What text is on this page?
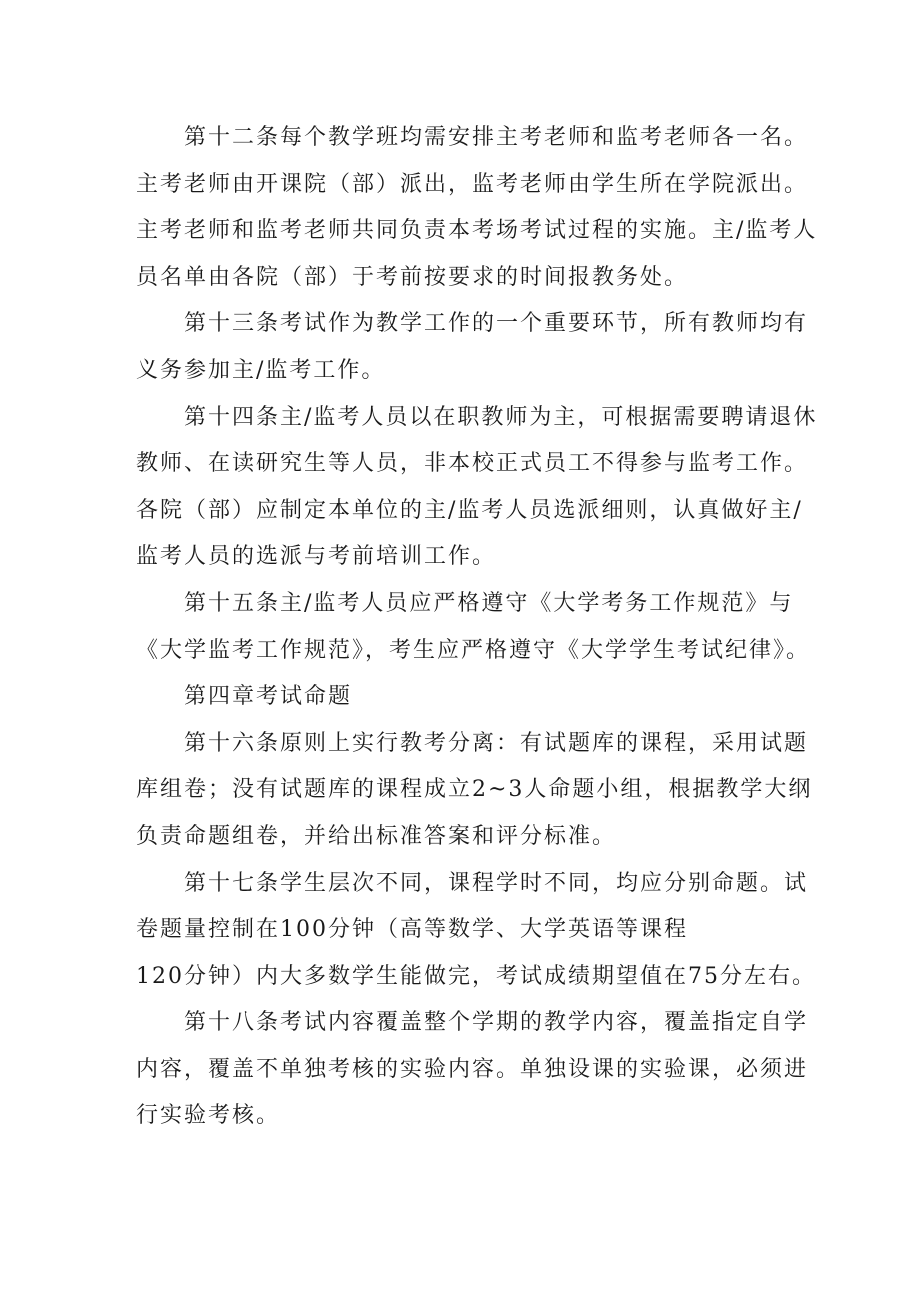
第十二条每个教学班均需安排主考老师和监考老师各一名。
主考老师由开课院（部）派出，监考老师由学生所在学院派出。
主考老师和监考老师共同负责本考场考试过程的实施。主/监考人
员名单由各院（部）于考前按要求的时间报教务处。
第十三条考试作为教学工作的一个重要环节，所有教师均有
义务参加主/监考工作。
第十四条主/监考人员以在职教师为主，可根据需要聘请退休
教师、在读研究生等人员，非本校正式员工不得参与监考工作。
各院（部）应制定本单位的主/监考人员选派细则，认真做好主/
监考人员的选派与考前培训工作。
第十五条主/监考人员应严格遵守《大学考务工作规范》与
《大学监考工作规范》，考生应严格遵守《大学学生考试纪律》。
第四章考试命题
第十六条原则上实行教考分离：有试题库的课程，采用试题
库组卷；没有试题库的课程成立2~3人命题小组，根据教学大纲
负责命题组卷，并给出标准答案和评分标准。
第十七条学生层次不同，课程学时不同，均应分别命题。试
卷题量控制在100分钟（高等数学、大学英语等课程
120分钟）内大多数学生能做完，考试成绩期望值在75分左右。
第十八条考试内容覆盖整个学期的教学内容，覆盖指定自学
内容，覆盖不单独考核的实验内容。单独设课的实验课，必须进
行实验考核。
